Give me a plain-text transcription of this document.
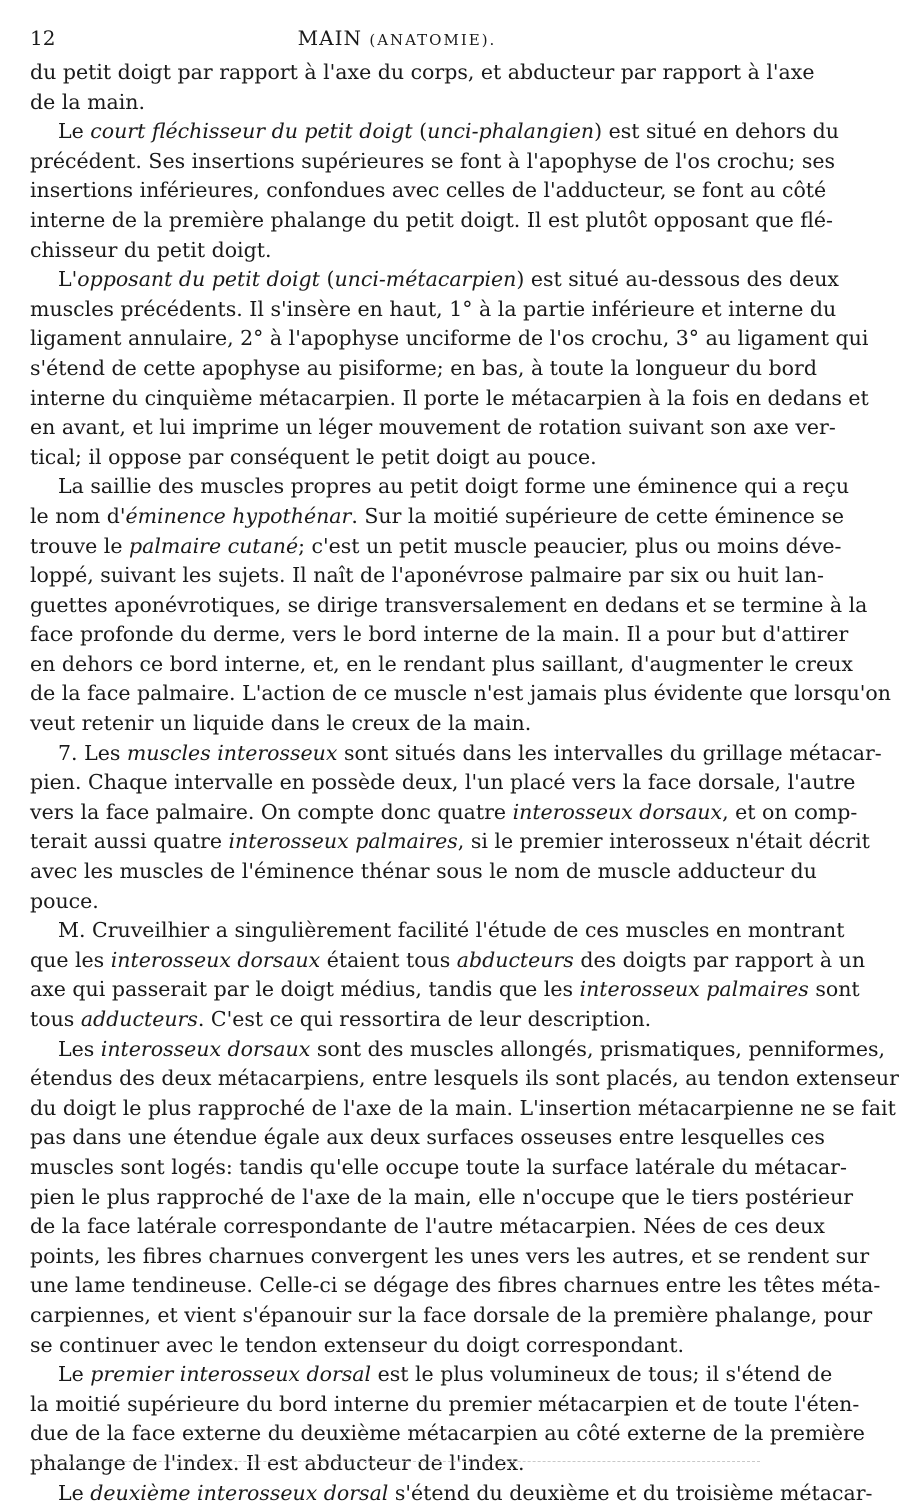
12	MAIN (ANATOMIE).

du petit doigt par rapport à l'axe du corps, et abducteur par rapport à l'axe
de la main.

Le court fléchisseur du petit doigt (unci-phalangien) est situé en dehors du
précédent. Ses insertions supérieures se font à l'apophyse de l'os crochu; ses
insertions inférieures, confondues avec celles de l'adducteur, se font au côté
interne de la première phalange du petit doigt. Il est plutôt opposant que flé-
chisseur du petit doigt.

L'opposant du petit doigt (unci-métacarpien) est situé au-dessous des deux
muscles précédents. Il s'insère en haut, 1° à la partie inférieure et interne du
ligament annulaire, 2° à l'apophyse unciforme de l'os crochu, 3° au ligament qui
s'étend de cette apophyse au pisiforme; en bas, à toute la longueur du bord
interne du cinquième métacarpien. Il porte le métacarpien à la fois en dedans et
en avant, et lui imprime un léger mouvement de rotation suivant son axe ver-
tical; il oppose par conséquent le petit doigt au pouce.

La saillie des muscles propres au petit doigt forme une éminence qui a reçu
le nom d'éminence hypothénar. Sur la moitié supérieure de cette éminence se
trouve le palmaire cutané; c'est un petit muscle peaucier, plus ou moins déve-
loppé, suivant les sujets. Il naît de l'aponévrose palmaire par six ou huit lan-
guettes aponévrotiques, se dirige transversalement en dedans et se termine à la
face profonde du derme, vers le bord interne de la main. Il a pour but d'attirer
en dehors ce bord interne, et, en le rendant plus saillant, d'augmenter le creux
de la face palmaire. L'action de ce muscle n'est jamais plus évidente que lorsqu'on
veut retenir un liquide dans le creux de la main.

7. Les muscles interosseux sont situés dans les intervalles du grillage métacar-
pien. Chaque intervalle en possède deux, l'un placé vers la face dorsale, l'autre
vers la face palmaire. On compte donc quatre interosseux dorsaux, et on comp-
terait aussi quatre interosseux palmaires, si le premier interosseux n'était décrit
avec les muscles de l'éminence thénar sous le nom de muscle adducteur du
pouce.

M. Cruveilhier a singulièrement facilité l'étude de ces muscles en montrant
que les interosseux dorsaux étaient tous abducteurs des doigts par rapport à un
axe qui passerait par le doigt médius, tandis que les interosseux palmaires sont
tous adducteurs. C'est ce qui ressortira de leur description.

Les interosseux dorsaux sont des muscles allongés, prismatiques, penniformes,
étendus des deux métacarpiens, entre lesquels ils sont placés, au tendon extenseur
du doigt le plus rapproché de l'axe de la main. L'insertion métacarpienne ne se fait
pas dans une étendue égale aux deux surfaces osseuses entre lesquelles ces
muscles sont logés: tandis qu'elle occupe toute la surface latérale du métacar-
pien le plus rapproché de l'axe de la main, elle n'occupe que le tiers postérieur
de la face latérale correspondante de l'autre métacarpien. Nées de ces deux
points, les fibres charnues convergent les unes vers les autres, et se rendent sur
une lame tendineuse. Celle-ci se dégage des fibres charnues entre les têtes méta-
carpiennes, et vient s'épanouir sur la face dorsale de la première phalange, pour
se continuer avec le tendon extenseur du doigt correspondant.

Le premier interosseux dorsal est le plus volumineux de tous; il s'étend de
la moitié supérieure du bord interne du premier métacarpien et de toute l'éten-
due de la face externe du deuxième métacarpien au côté externe de la première
phalange de l'index. Il est abducteur de l'index.

Le deuxième interosseux dorsal s'étend du deuxième et du troisième métacar-
